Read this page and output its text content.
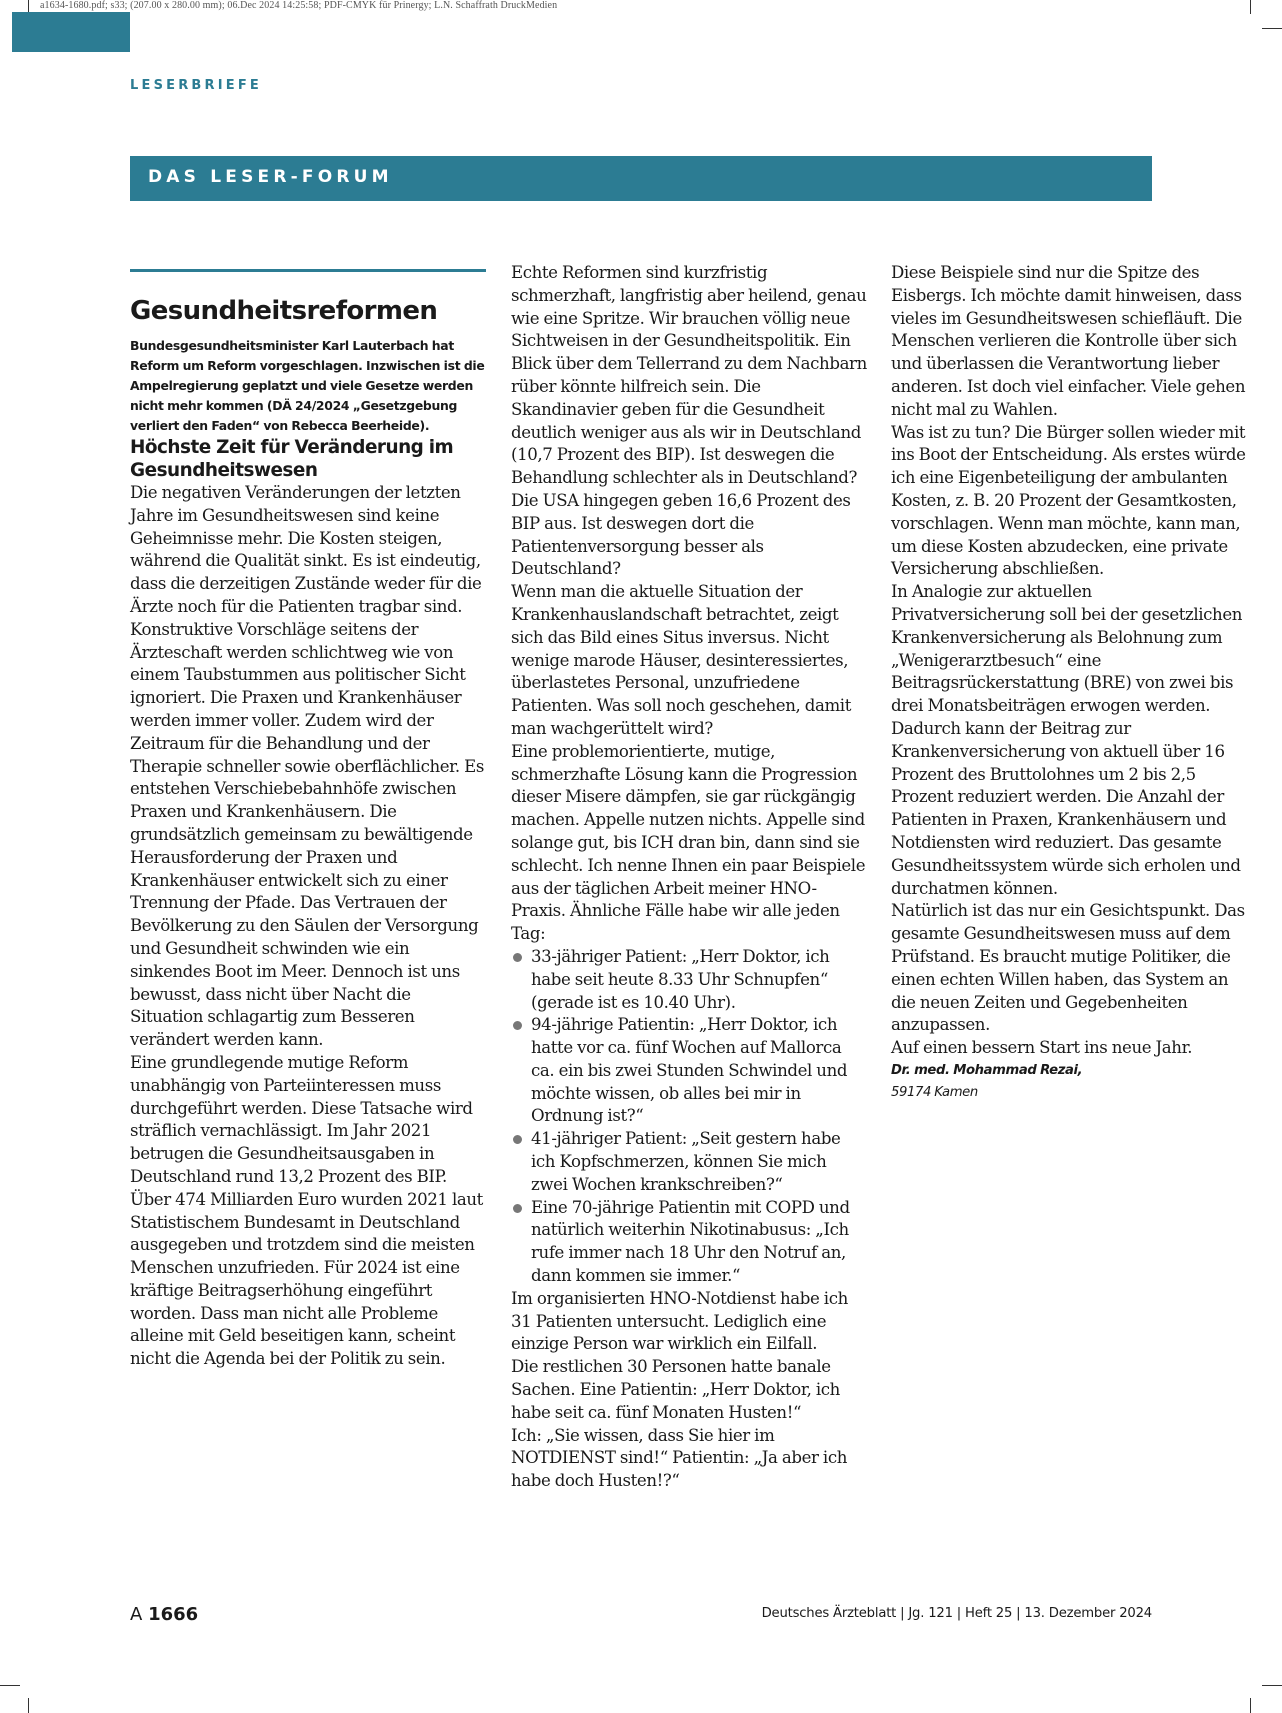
a1634-1680.pdf; s33; (207.00 x 280.00 mm); 06.Dec 2024 14:25:58; PDF-CMYK für Prinergy; L.N. Schaffrath DruckMedien
LESERBRIEFE
DAS LESER-FORUM
Gesundheitsreformen

Bundesgesundheitsminister Karl Lauterbach hat Reform um Reform vorgeschlagen. Inzwischen ist die Ampelregierung geplatzt und viele Gesetze werden nicht mehr kommen (DÄ 24/2024 „Gesetzgebung verliert den Faden“ von Rebecca Beerheide).

Höchste Zeit für Veränderung im Gesundheitswesen

Die negativen Veränderungen der letzten Jahre im Gesundheitswesen sind keine Geheimnisse mehr. Die Kosten steigen, während die Qualität sinkt. Es ist eindeutig, dass die derzeitigen Zustände weder für die Ärzte noch für die Patienten tragbar sind. Konstruktive Vorschläge seitens der Ärzteschaft werden schlichtweg wie von einem Taubstummen aus politischer Sicht ignoriert. Die Praxen und Krankenhäuser werden immer voller. Zudem wird der Zeitraum für die Behandlung und der Therapie schneller sowie oberflächlicher. Es entstehen Verschiebebahnhöfe zwischen Praxen und Krankenhäusern. Die grundsätzlich gemeinsam zu bewältigende Herausforderung der Praxen und Krankenhäuser entwickelt sich zu einer Trennung der Pfade. Das Vertrauen der Bevölkerung zu den Säulen der Versorgung und Gesundheit schwinden wie ein sinkendes Boot im Meer. Dennoch ist uns bewusst, dass nicht über Nacht die Situation schlagartig zum Besseren verändert werden kann.

Eine grundlegende mutige Reform unabhängig von Parteiinteressen muss durchgeführt werden. Diese Tatsache wird sträflich vernachlässigt. Im Jahr 2021 betrugen die Gesundheitsausgaben in Deutschland rund 13,2 Prozent des BIP. Über 474 Milliarden Euro wurden 2021 laut Statistischem Bundesamt in Deutschland ausgegeben und trotzdem sind die meisten Menschen unzufrieden. Für 2024 ist eine kräftige Beitragserhöhung eingeführt worden. Dass man nicht alle Probleme alleine mit Geld beseitigen kann, scheint nicht die Agenda bei der Politik zu sein.

Echte Reformen sind kurzfristig schmerzhaft, langfristig aber heilend, genau wie eine Spritze. Wir brauchen völlig neue Sichtweisen in der Gesundheitspolitik. Ein Blick über dem Tellerrand zu dem Nachbarn rüber könnte hilfreich sein. Die Skandinavier geben für die Gesundheit deutlich weniger aus als wir in Deutschland (10,7 Prozent des BIP). Ist deswegen die Behandlung schlechter als in Deutschland? Die USA hingegen geben 16,6 Prozent des BIP aus. Ist deswegen dort die Patientenversorgung besser als Deutschland?

Wenn man die aktuelle Situation der Krankenhauslandschaft betrachtet, zeigt sich das Bild eines Situs inversus. Nicht wenige marode Häuser, desinteressiertes, überlastetes Personal, unzufriedene Patienten. Was soll noch geschehen, damit man wachgerüttelt wird?

Eine problemorientierte, mutige, schmerzhafte Lösung kann die Progression dieser Misere dämpfen, sie gar rückgängig machen. Appelle nutzen nichts. Appelle sind solange gut, bis ICH dran bin, dann sind sie schlecht. Ich nenne Ihnen ein paar Beispiele aus der täglichen Arbeit meiner HNO-Praxis. Ähnliche Fälle habe wir alle jeden Tag:

33-jähriger Patient: „Herr Doktor, ich habe seit heute 8.33 Uhr Schnupfen“ (gerade ist es 10.40 Uhr).
94-jährige Patientin: „Herr Doktor, ich hatte vor ca. fünf Wochen auf Mallorca ca. ein bis zwei Stunden Schwindel und möchte wissen, ob alles bei mir in Ordnung ist?“
41-jähriger Patient: „Seit gestern habe ich Kopfschmerzen, können Sie mich zwei Wochen krankschreiben?“
Eine 70-jährige Patientin mit COPD und natürlich weiterhin Nikotinabusus: „Ich rufe immer nach 18 Uhr den Notruf an, dann kommen sie immer.“

Im organisierten HNO-Notdienst habe ich 31 Patienten untersucht. Lediglich eine einzige Person war wirklich ein Eilfall.

Die restlichen 30 Personen hatte banale Sachen. Eine Patientin: „Herr Doktor, ich habe seit ca. fünf Monaten Husten!“

Ich: „Sie wissen, dass Sie hier im NOTDIENST sind!“ Patientin: „Ja aber ich habe doch Husten!?“

Diese Beispiele sind nur die Spitze des Eisbergs. Ich möchte damit hinweisen, dass vieles im Gesundheitswesen schiefläuft. Die Menschen verlieren die Kontrolle über sich und überlassen die Verantwortung lieber anderen. Ist doch viel einfacher. Viele gehen nicht mal zu Wahlen.

Was ist zu tun? Die Bürger sollen wieder mit ins Boot der Entscheidung. Als erstes würde ich eine Eigenbeteiligung der ambulanten Kosten, z. B. 20 Prozent der Gesamtkosten, vorschlagen. Wenn man möchte, kann man, um diese Kosten abzudecken, eine private Versicherung abschließen.

In Analogie zur aktuellen Privatversicherung soll bei der gesetzlichen Krankenversicherung als Belohnung zum „Wenigerarztbesuch“ eine Beitragsrückerstattung (BRE) von zwei bis drei Monatsbeiträgen erwogen werden. Dadurch kann der Beitrag zur Krankenversicherung von aktuell über 16 Prozent des Bruttolohnes um 2 bis 2,5 Prozent reduziert werden. Die Anzahl der Patienten in Praxen, Krankenhäusern und Notdiensten wird reduziert. Das gesamte Gesundheitssystem würde sich erholen und durchatmen können.

Natürlich ist das nur ein Gesichtspunkt. Das gesamte Gesundheitswesen muss auf dem Prüfstand. Es braucht mutige Politiker, die einen echten Willen haben, das System an die neuen Zeiten und Gegebenheiten anzupassen.

Auf einen bessern Start ins neue Jahr.

Dr. med. Mohammad Rezai,
59174 Kamen
A 1666	Deutsches Ärzteblatt | Jg. 121 | Heft 25 | 13. Dezember 2024
